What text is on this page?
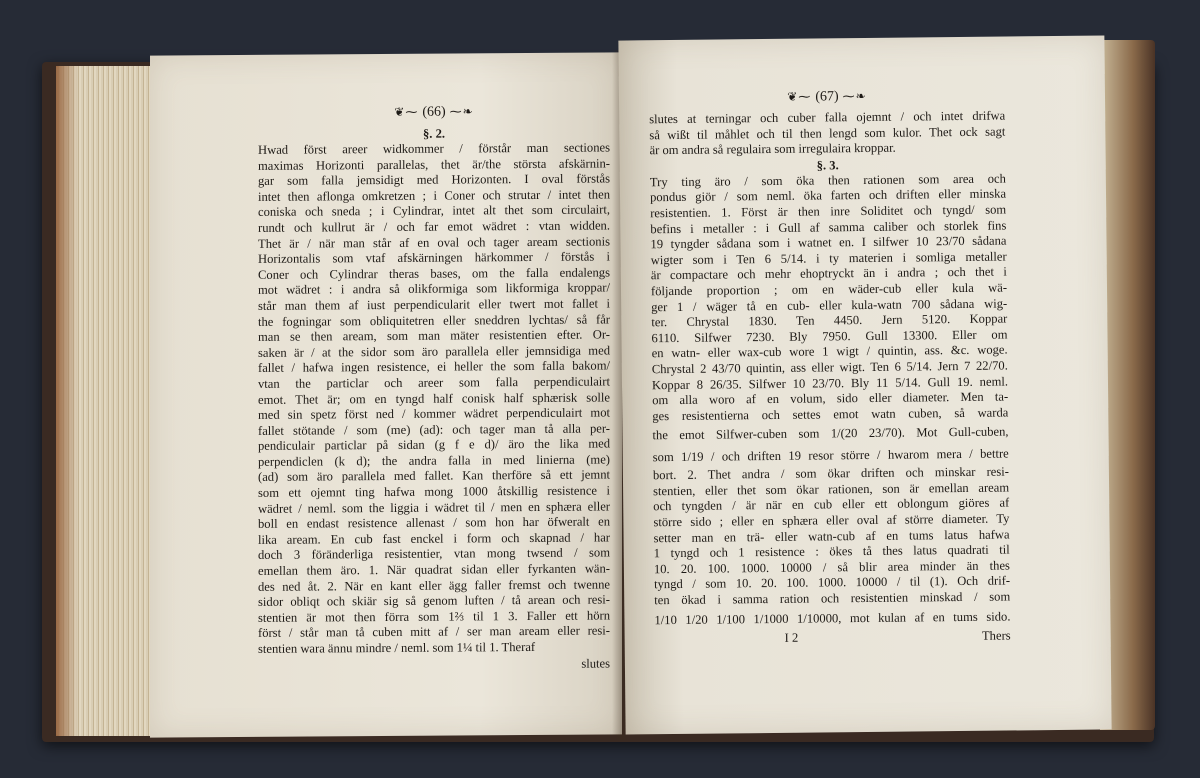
❦⁓ (66) ⁓❧
§. 2.
Hwad först areer widkommer / förstår man sectiones
maximas Horizonti parallelas, thet är/the största afskärnin-
gar som falla jemsidigt med Horizonten. I oval förstås
intet then aflonga omkretzen ; i Coner och strutar / intet then
coniska och sneda ; i Cylindrar, intet alt thet som circulairt,
rundt och kullrut är / och far emot wädret : vtan widden.
Thet är / när man står af en oval och tager aream sectionis
Horizontalis som vtaf afskärningen härkommer / förstås i
Coner och Cylindrar theras bases, om the falla endalengs
mot wädret : i andra så olikformiga som likformiga kroppar/
står man them af iust perpendicularit eller twert mot fallet i
the fogningar som obliquitetren eller sneddren lychtas/ så får
man se then aream, som man mäter resistentien efter. Or-
saken är / at the sidor som äro parallela eller jemnsidiga med
fallet / hafwa ingen resistence, ei heller the som falla bakom/
vtan the particlar och areer som falla perpendiculairt
emot. Thet är; om en tyngd half conisk half sphærisk solle
med sin spetz först ned / kommer wädret perpendiculairt mot
fallet stötande / som (me) (ad): och tager man tå alla per-
pendiculair particlar på sidan (g f e d)/ äro the lika med
perpendiclen (k d); the andra falla in med linierna (me)
(ad) som äro parallela med fallet. Kan therföre så ett jemnt
som ett ojemnt ting hafwa mong 1000 åtskillig resistence i
wädret / neml. som the liggia i wädret til / men en sphæra eller
boll en endast resistence allenast / som hon har öfweralt en
lika aream. En cub fast enckel i form och skapnad / har
doch 3 föränderliga resistentier, vtan mong twsend / som
emellan them äro. 1. När quadrat sidan eller fyrkanten wän-
des ned åt. 2. När en kant eller ägg faller fremst och twenne
sidor obliqt och skiär sig så genom luften / tå arean och resi-
stentien är mot then förra som 1⅔ til 1 3. Faller ett hörn
först / står man tå cuben mitt af / ser man aream eller resi-
stentien wara ännu mindre / neml. som 1¼ til 1. Theraf
slutes
❦⁓ (67) ⁓❧
slutes at terningar och cuber falla ojemnt / och intet drifwa
så wißt til måhlet och til then lengd som kulor. Thet ock sagt
är om andra så regulaira som irregulaira kroppar.
§. 3.
Try ting äro / som öka then rationen som area och
pondus giör / som neml. öka farten och driften eller minska
resistentien. 1. Först är then inre Soliditet och tyngd/ som
befins i metaller : i Gull af samma caliber och storlek fins
19 tyngder sådana som i watnet en. I silfwer 10 23/70 sådana
wigter som i Ten 6 5/14. i ty materien i somliga metaller
är compactare och mehr ehoptryckt än i andra ; och thet i
följande proportion ; om en wäder-cub eller kula wä-
ger 1 / wäger tå en cub- eller kula-watn 700 sådana wig-
ter. Chrystal 1830. Ten 4450. Jern 5120. Koppar
6110. Silfwer 7230. Bly 7950. Gull 13300. Eller om
en watn- eller wax-cub wore 1 wigt / quintin, ass. &c. woge.
Chrystal 2 43/70 quintin, ass eller wigt. Ten 6 5/14. Jern 7 22/70.
Koppar 8 26/35. Silfwer 10 23/70. Bly 11 5/14. Gull 19. neml.
om alla woro af en volum, sido eller diameter. Men ta-
ges resistentierna och settes emot watn cuben, så warda
the emot Silfwer-cuben som 1/(20 23/70). Mot Gull-cuben,
som 1/19 / och driften 19 resor större / hwarom mera / bettre
bort. 2. Thet andra / som ökar driften och minskar resi-
stentien, eller thet som ökar rationen, son är emellan aream
och tyngden / är när en cub eller ett oblongum giöres af
större sido ; eller en sphæra eller oval af större diameter. Ty
setter man en trä- eller watn-cub af en tums latus hafwa
1 tyngd och 1 resistence : ökes tå thes latus quadrati til
10. 20. 100. 1000. 10000 / så blir area minder än thes
tyngd / som 10. 20. 100. 1000. 10000 / til (1). Och drif-
ten ökad i samma ration och resistentien minskad / som
1/10 1/20 1/100 1/1000 1/10000, mot kulan af en tums sido.
I 2	Thers
